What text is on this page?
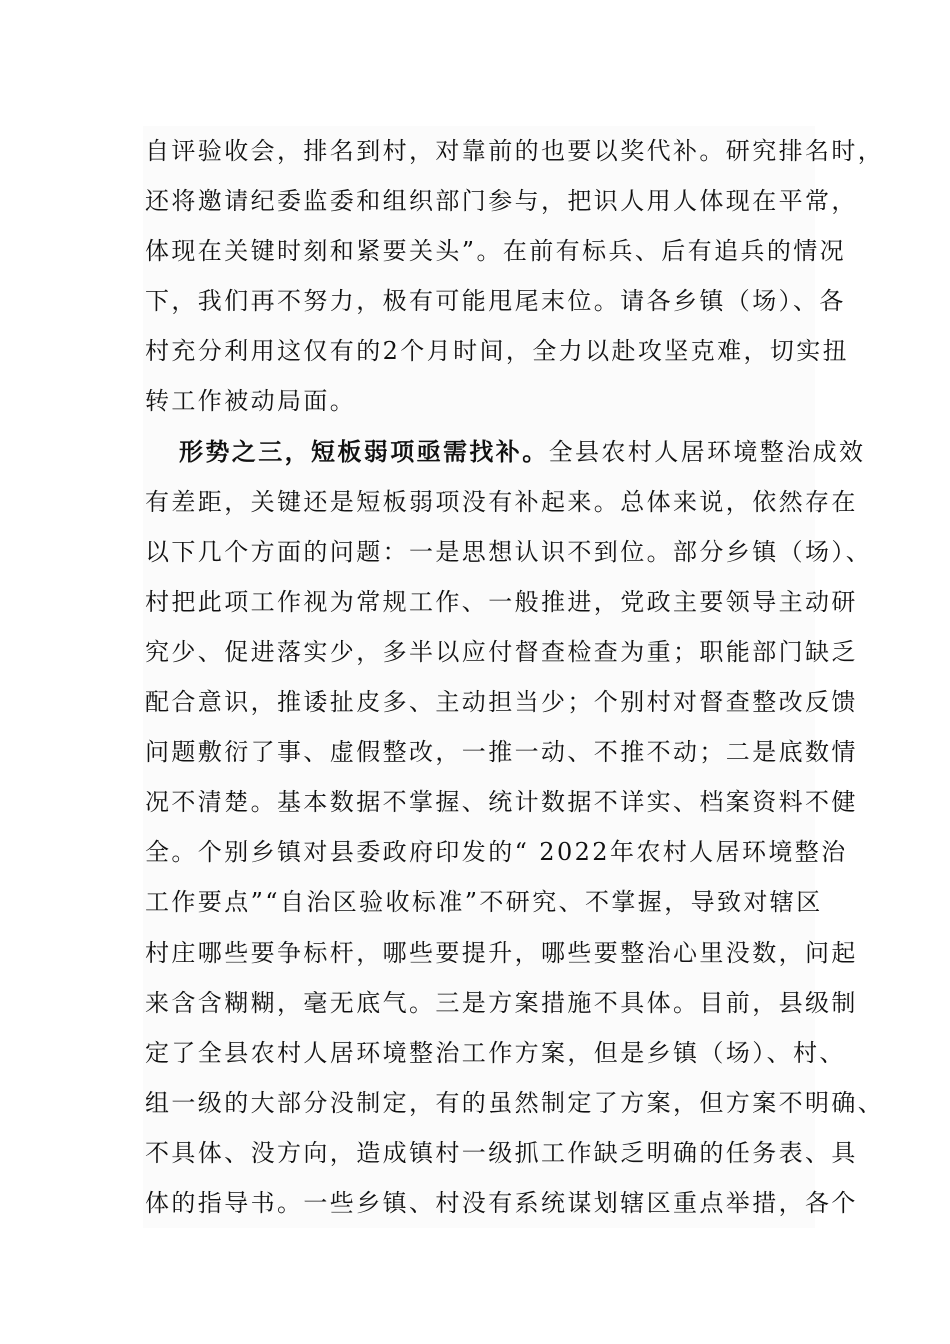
自评验收会，排名到村，对靠前的也要以奖代补。研究排名时，
还将邀请纪委监委和组织部门参与，把识人用人体现在平常，
体现在关键时刻和紧要关头”。在前有标兵、后有追兵的情况
下，我们再不努力，极有可能甩尾末位。请各乡镇（场）、各
村充分利用这仅有的2个月时间，全力以赴攻坚克难，切实扭
转工作被动局面。
形势之三，短板弱项亟需找补。全县农村人居环境整治成效
有差距，关键还是短板弱项没有补起来。总体来说，依然存在
以下几个方面的问题：一是思想认识不到位。部分乡镇（场）、
村把此项工作视为常规工作、一般推进，党政主要领导主动研
究少、促进落实少，多半以应付督查检查为重；职能部门缺乏
配合意识，推诿扯皮多、主动担当少；个别村对督查整改反馈
问题敷衍了事、虚假整改，一推一动、不推不动；二是底数情
况不清楚。基本数据不掌握、统计数据不详实、档案资料不健
全。个别乡镇对县委政府印发的“ 2022年农村人居环境整治
工作要点”“自治区验收标准”不研究、不掌握，导致对辖区
村庄哪些要争标杆，哪些要提升，哪些要整治心里没数，问起
来含含糊糊，毫无底气。三是方案措施不具体。目前，县级制
定了全县农村人居环境整治工作方案，但是乡镇（场）、村、
组一级的大部分没制定，有的虽然制定了方案，但方案不明确、
不具体、没方向，造成镇村一级抓工作缺乏明确的任务表、具
体的指导书。一些乡镇、村没有系统谋划辖区重点举措，各个
